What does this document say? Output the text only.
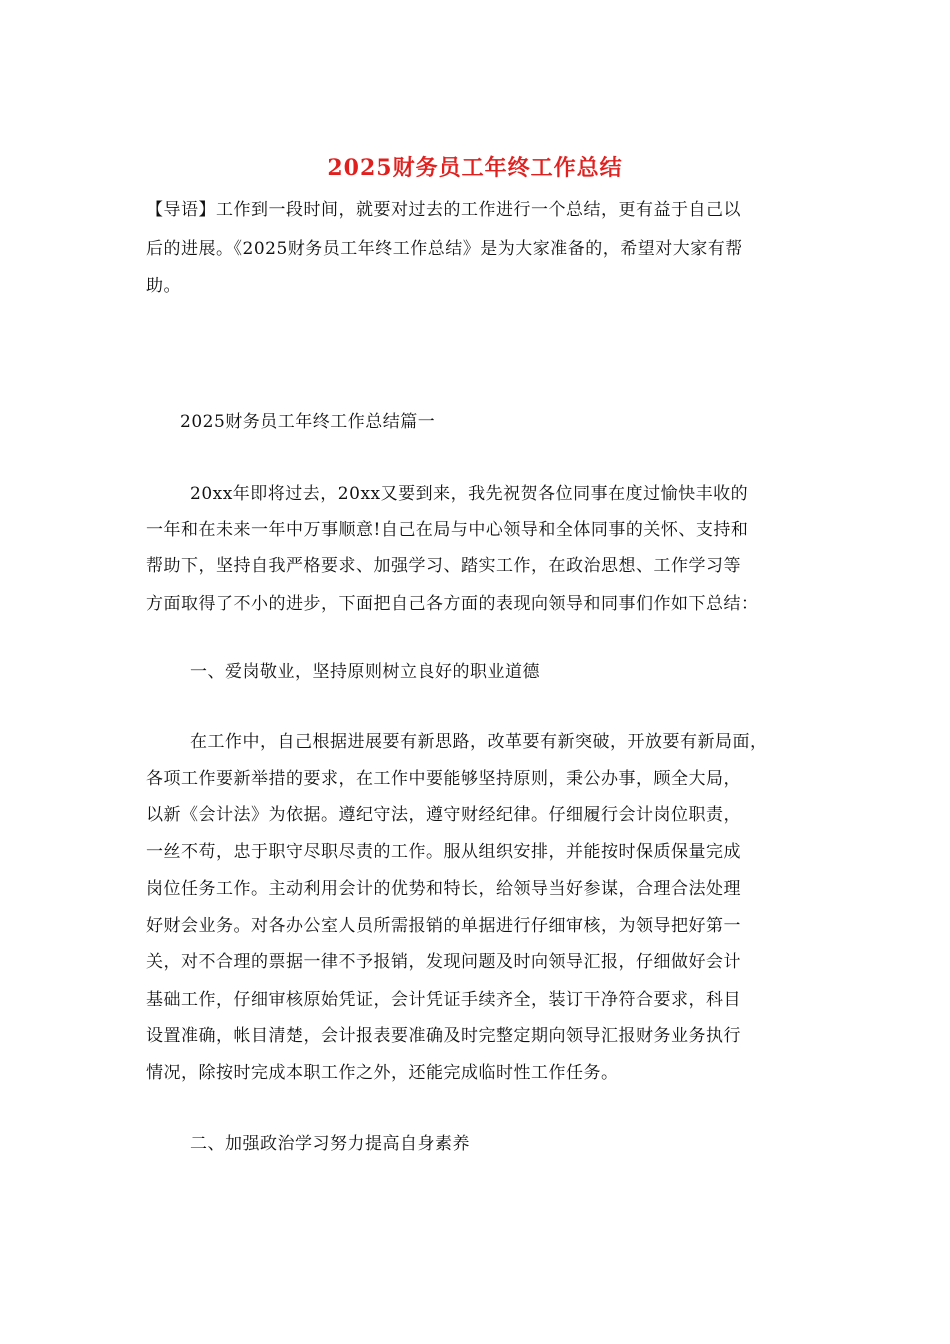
2025财务员工年终工作总结
【导语】工作到一段时间，就要对过去的工作进行一个总结，更有益于自己以
后的进展。《2025财务员工年终工作总结》是为大家准备的，希望对大家有帮
助。
2025财务员工年终工作总结篇一
20xx年即将过去，20xx又要到来，我先祝贺各位同事在度过愉快丰收的
一年和在未来一年中万事顺意!自己在局与中心领导和全体同事的关怀、支持和
帮助下，坚持自我严格要求、加强学习、踏实工作，在政治思想、工作学习等
方面取得了不小的进步，下面把自己各方面的表现向领导和同事们作如下总结：
一、爱岗敬业，坚持原则树立良好的职业道德
在工作中，自己根据进展要有新思路，改革要有新突破，开放要有新局面，
各项工作要新举措的要求，在工作中要能够坚持原则，秉公办事，顾全大局，
以新《会计法》为依据。遵纪守法，遵守财经纪律。仔细履行会计岗位职责，
一丝不苟，忠于职守尽职尽责的工作。服从组织安排，并能按时保质保量完成
岗位任务工作。主动利用会计的优势和特长，给领导当好参谋，合理合法处理
好财会业务。对各办公室人员所需报销的单据进行仔细审核，为领导把好第一
关，对不合理的票据一律不予报销，发现问题及时向领导汇报，仔细做好会计
基础工作，仔细审核原始凭证，会计凭证手续齐全，装订干净符合要求，科目
设置准确，帐目清楚，会计报表要准确及时完整定期向领导汇报财务业务执行
情况，除按时完成本职工作之外，还能完成临时性工作任务。
二、加强政治学习努力提高自身素养
